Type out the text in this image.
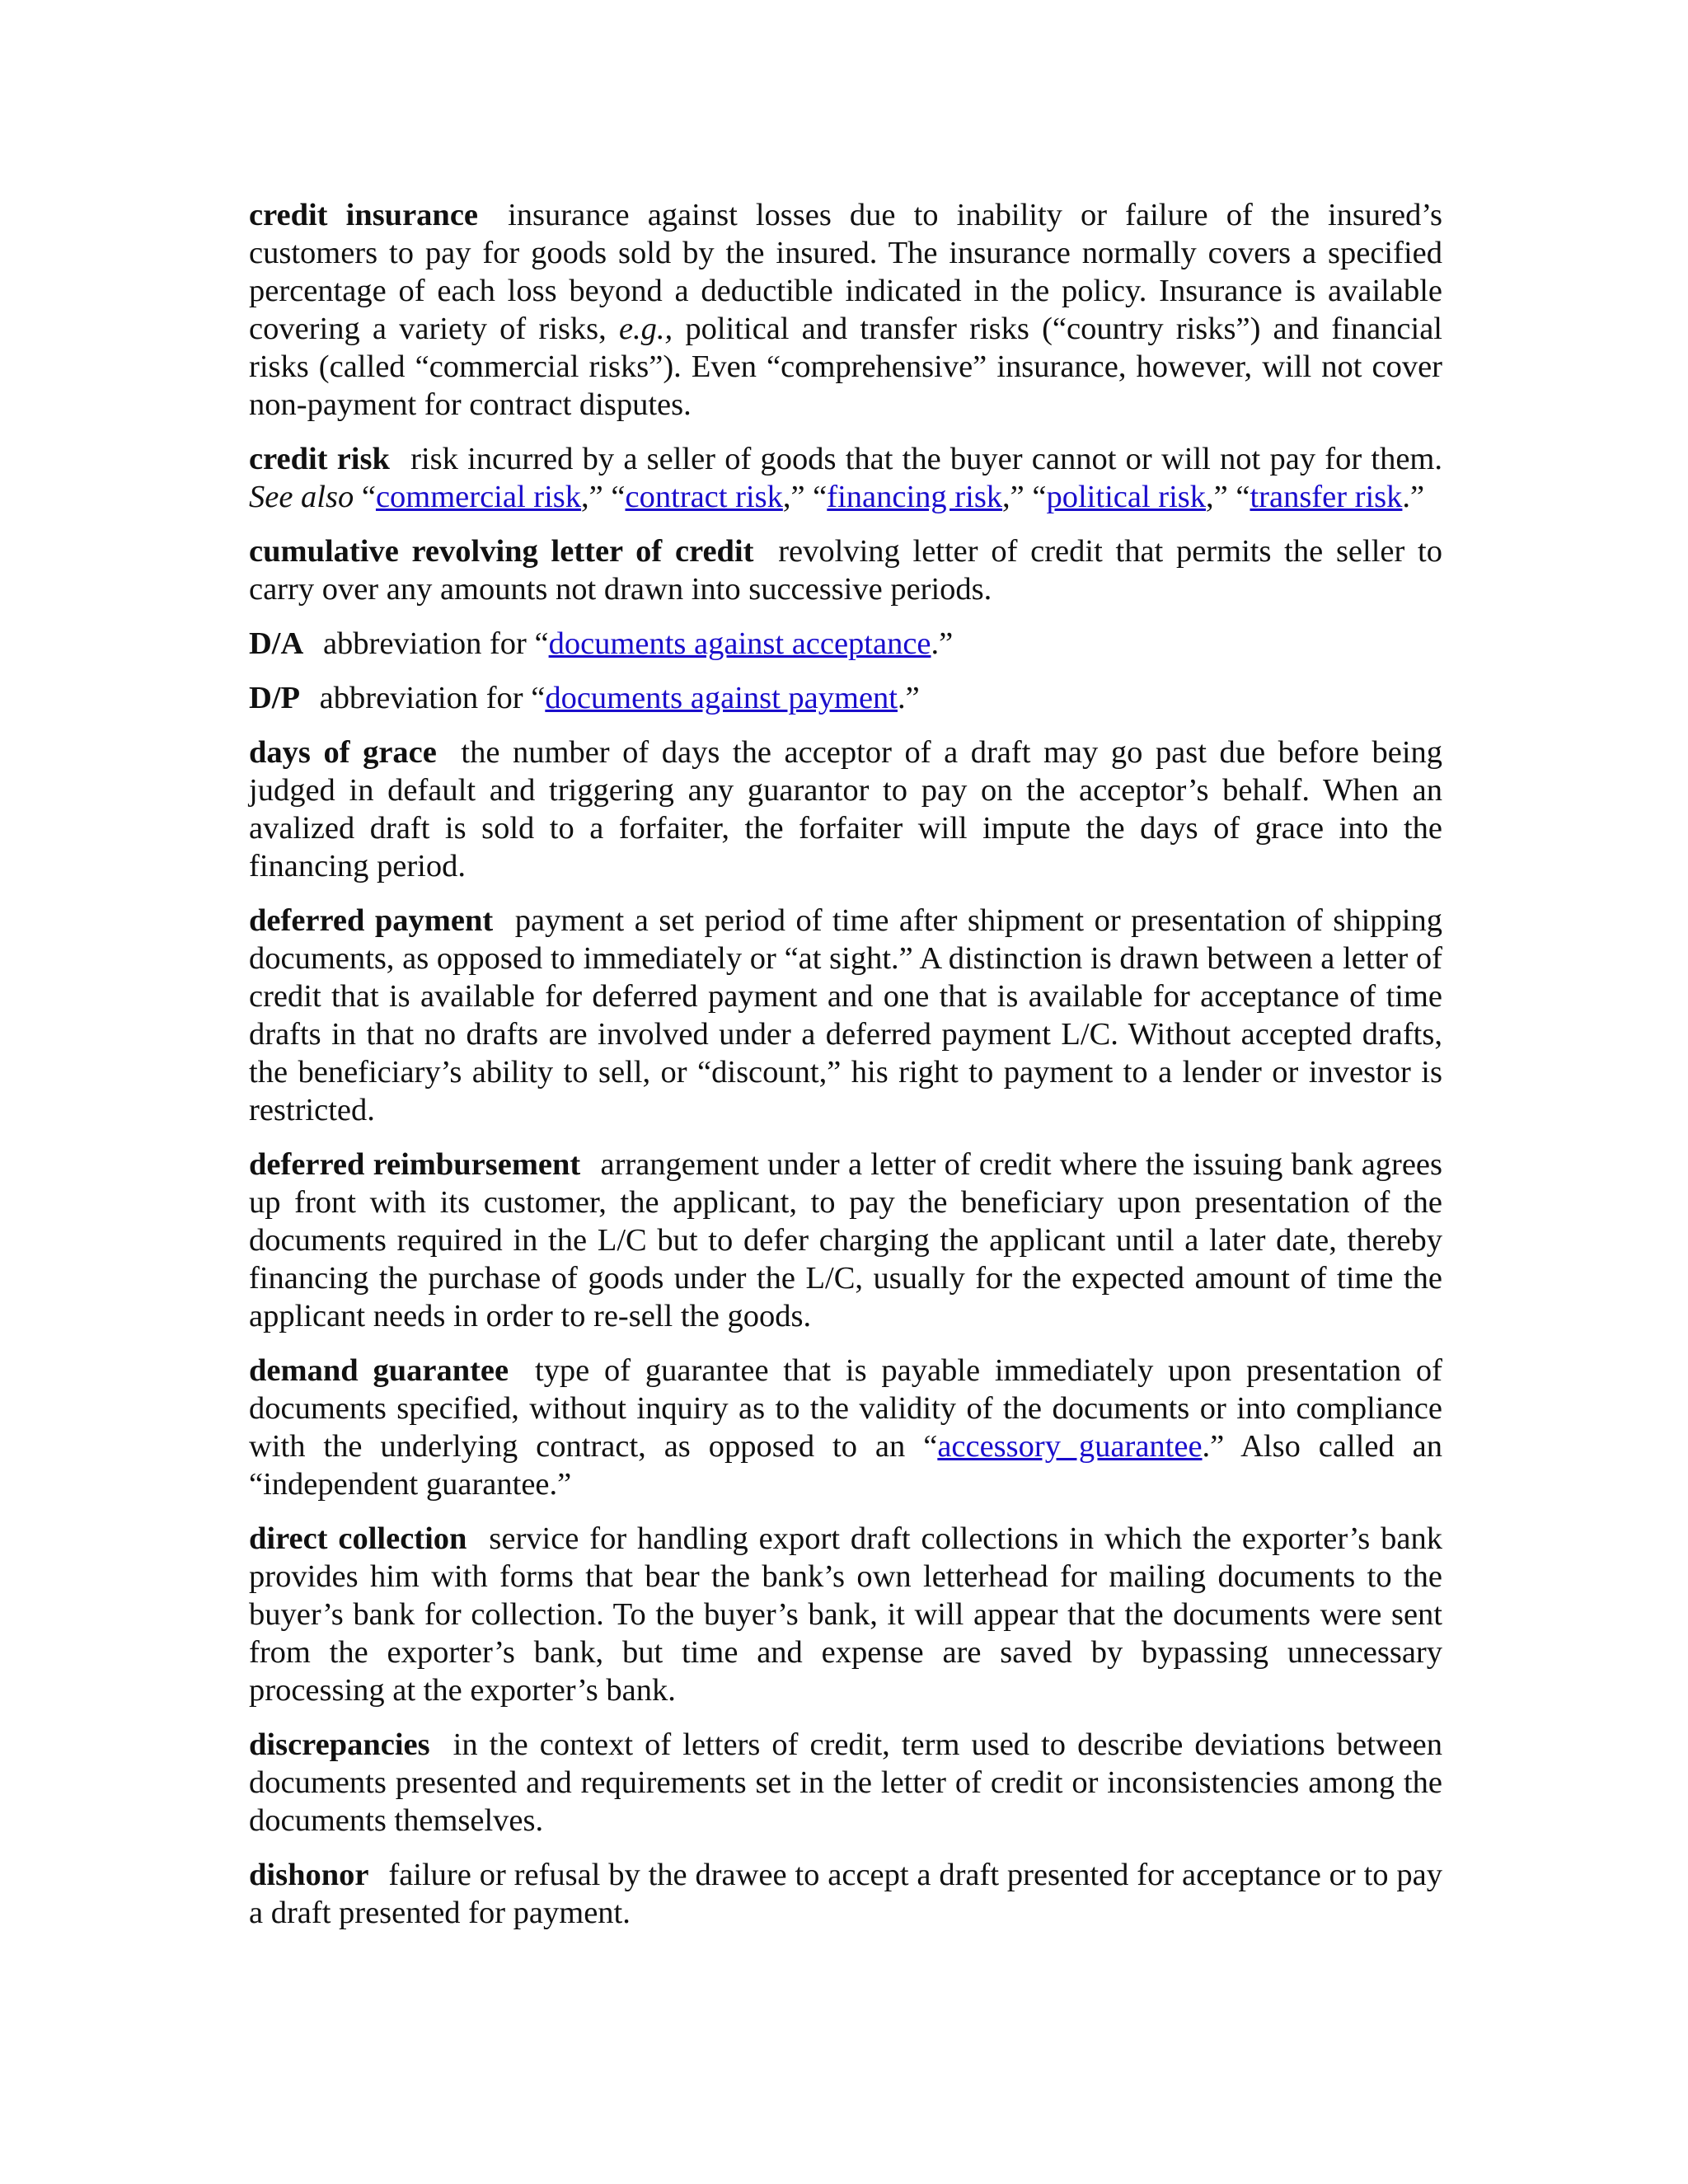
credit insurance insurance against losses due to inability or failure of the insured’s customers to pay for goods sold by the insured. The insurance normally covers a specified percentage of each loss beyond a deductible indicated in the policy. Insurance is available covering a variety of risks, e.g., political and transfer risks (“country risks”) and financial risks (called “commercial risks”). Even “comprehensive” insurance, however, will not cover non-payment for contract disputes.

credit risk risk incurred by a seller of goods that the buyer cannot or will not pay for them. See also “commercial risk,” “contract risk,” “financing risk,” “political risk,” “transfer risk.”

cumulative revolving letter of credit revolving letter of credit that permits the seller to carry over any amounts not drawn into successive periods.

D/A abbreviation for “documents against acceptance.”

D/P abbreviation for “documents against payment.”

days of grace the number of days the acceptor of a draft may go past due before being judged in default and triggering any guarantor to pay on the acceptor’s behalf. When an avalized draft is sold to a forfaiter, the forfaiter will impute the days of grace into the financing period.

deferred payment payment a set period of time after shipment or presentation of shipping documents, as opposed to immediately or “at sight.” A distinction is drawn between a letter of credit that is available for deferred payment and one that is available for acceptance of time drafts in that no drafts are involved under a deferred payment L/C. Without accepted drafts, the beneficiary’s ability to sell, or “discount,” his right to payment to a lender or investor is restricted.

deferred reimbursement arrangement under a letter of credit where the issuing bank agrees up front with its customer, the applicant, to pay the beneficiary upon presentation of the documents required in the L/C but to defer charging the applicant until a later date, thereby financing the purchase of goods under the L/C, usually for the expected amount of time the applicant needs in order to re-sell the goods.

demand guarantee type of guarantee that is payable immediately upon presentation of documents specified, without inquiry as to the validity of the documents or into compliance with the underlying contract, as opposed to an “accessory guarantee.” Also called an “independent guarantee.”

direct collection service for handling export draft collections in which the exporter’s bank provides him with forms that bear the bank’s own letterhead for mailing documents to the buyer’s bank for collection. To the buyer’s bank, it will appear that the documents were sent from the exporter’s bank, but time and expense are saved by bypassing unnecessary processing at the exporter’s bank.

discrepancies in the context of letters of credit, term used to describe deviations between documents presented and requirements set in the letter of credit or inconsistencies among the documents themselves.

dishonor failure or refusal by the drawee to accept a draft presented for acceptance or to pay a draft presented for payment.
